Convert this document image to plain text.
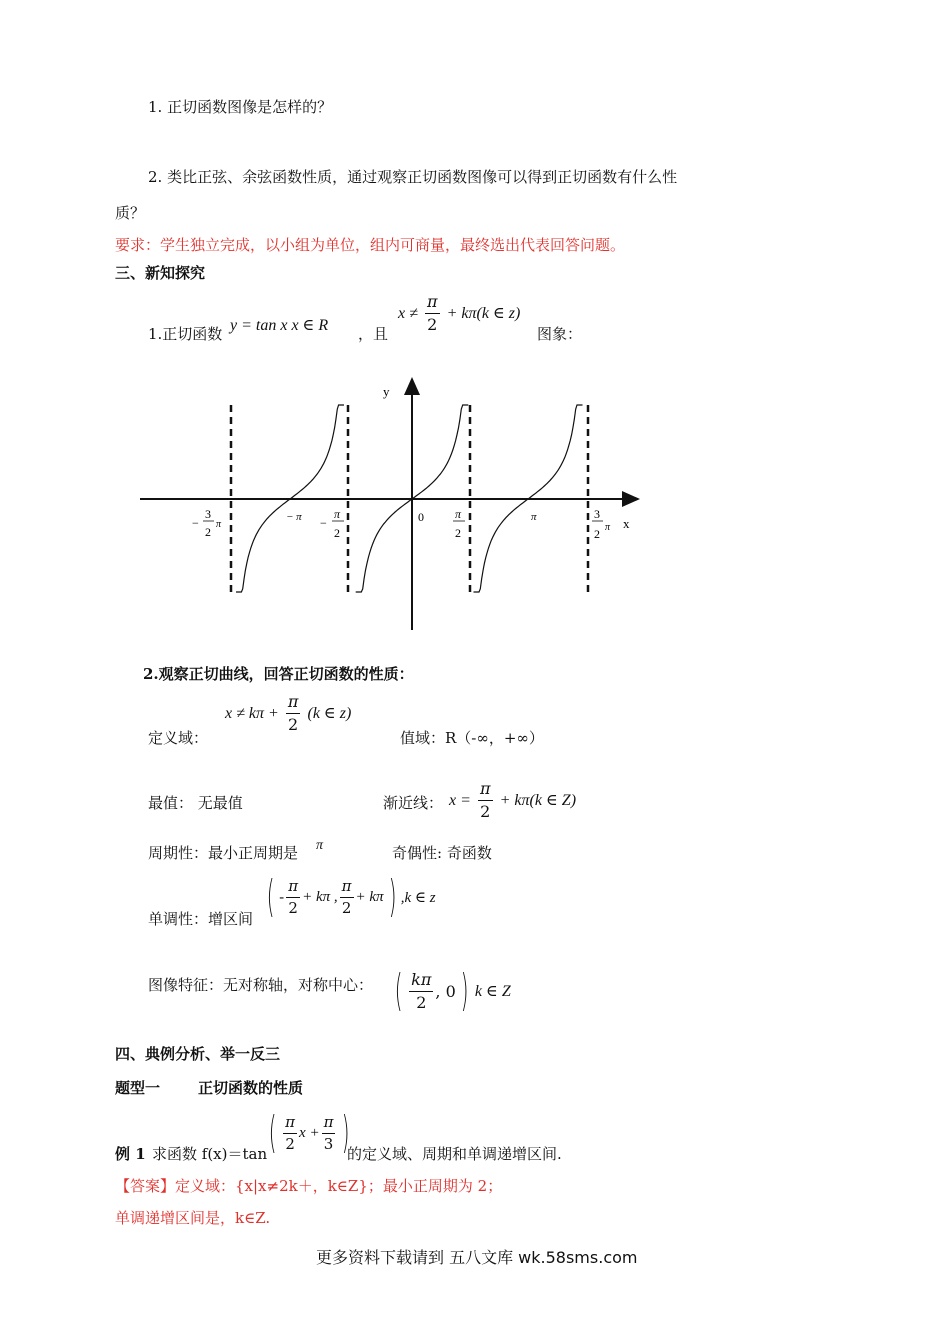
1. 正切函数图像是怎样的？
2. 类比正弦、余弦函数性质，通过观察正切函数图像可以得到正切函数有什么性
质？
要求：学生独立完成，以小组为单位，组内可商量，最终选出代表回答问题。
三、新知探究
1.正切函数 y = tan x x ∈ R ，且
$x \ne \frac{\pi}{2} + k\pi(k$ ∈ z)
图象：
y
x
0
− π	π
−
3
2
π	−
π
2
π
2
3
2 π
2.观察正切曲线，回答正切函数的性质：
定义域：
$x \ne k\pi + \frac{\pi}{2} (k$ ∈ z)
值域：R（-∞，+∞）
最值： 无最值	渐近线： $x = \frac{\pi}{2} + k\pi(k$ ∈ Z)
周期性：最小正周期是 π	奇偶性: 奇函数
单调性：增区间 ( - $\frac{\pi}{2} + k\pi$ , $\frac{\pi}{2} + k\pi$ ) ,k ∈ z
图像特征：无对称轴，对称中心： ( $\frac{k\pi}{2}$ , 0 ) k ∈ Z
四、典例分析、举一反三
题型一	正切函数的性质
例 1 求函数 f(x)＝tan ( $\frac{\pi}{2}$ $x + \frac{\pi}{3}$ )
的定义域、周期和单调递增区间.
【答案】定义域：{x|x≠2k＋，k∈Z}；最小正周期为 2；
单调递增区间是，k∈Z.
更多资料下载请到 五八文库 wk.58sms.com
